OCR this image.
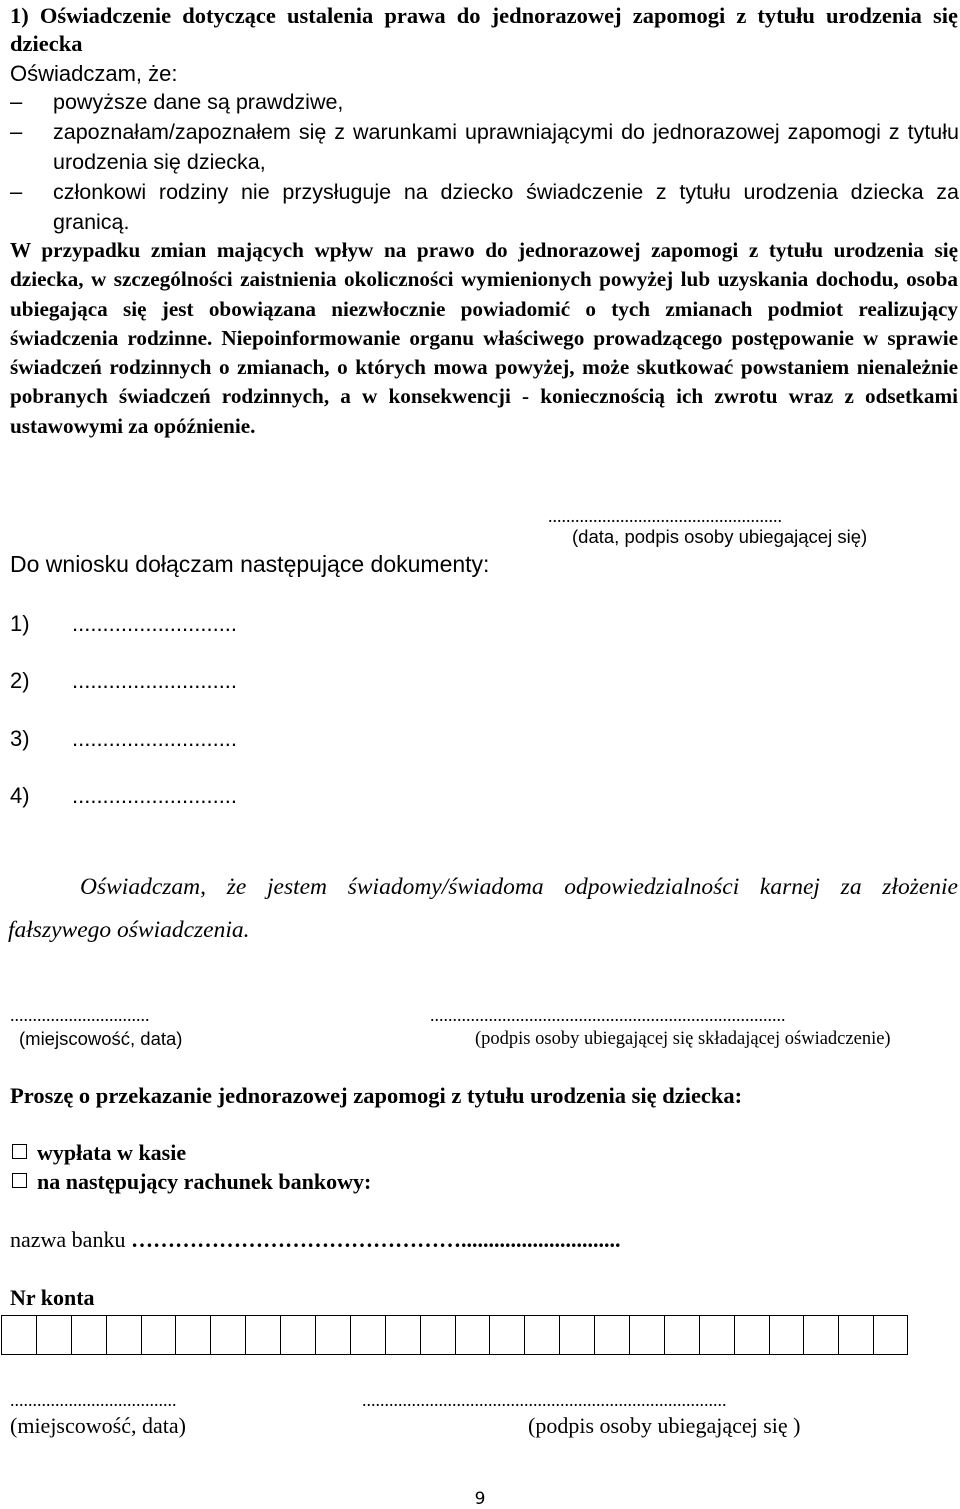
1) Oświadczenie dotyczące ustalenia prawa do jednorazowej zapomogi z tytułu urodzenia się dziecka
Oświadczam, że:
–	powyższe dane są prawdziwe,
–	zapoznałam/zapoznałem się z warunkami uprawniającymi do jednorazowej zapomogi z tytułu urodzenia się dziecka,
–	członkowi rodziny nie przysługuje na dziecko świadczenie z tytułu urodzenia dziecka za granicą.
W przypadku zmian mających wpływ na prawo do jednorazowej zapomogi z tytułu urodzenia się dziecka, w szczególności zaistnienia okoliczności wymienionych powyżej lub uzyskania dochodu, osoba ubiegająca się jest obowiązana niezwłocznie powiadomić o tych zmianach podmiot realizujący świadczenia rodzinne. Niepoinformowanie organu właściwego prowadzącego postępowanie w sprawie świadczeń rodzinnych o zmianach, o których mowa powyżej, może skutkować powstaniem nienależnie pobranych świadczeń rodzinnych, a w konsekwencji - koniecznością ich zwrotu wraz z odsetkami ustawowymi za opóźnienie.
....................................................
(data, podpis osoby ubiegającej się)
Do wniosku dołączam następujące dokumenty:
1) ...........................
2) ...........................
3) ...........................
4) ...........................
Oświadczam, że jestem świadomy/świadoma odpowiedzialności karnej za złożenie fałszywego oświadczenia.
...............................
(miejscowość, data)
...............................................................................
(podpis osoby ubiegającej się składającej oświadczenie)
Proszę o przekazanie jednorazowej zapomogi z tytułu urodzenia się dziecka:
wypłata w kasie
na następujący rachunek bankowy:
nazwa banku ……………………………………….............................
Nr konta
.....................................
(miejscowość, data)
.................................................................................
(podpis osoby ubiegającej się )
9
